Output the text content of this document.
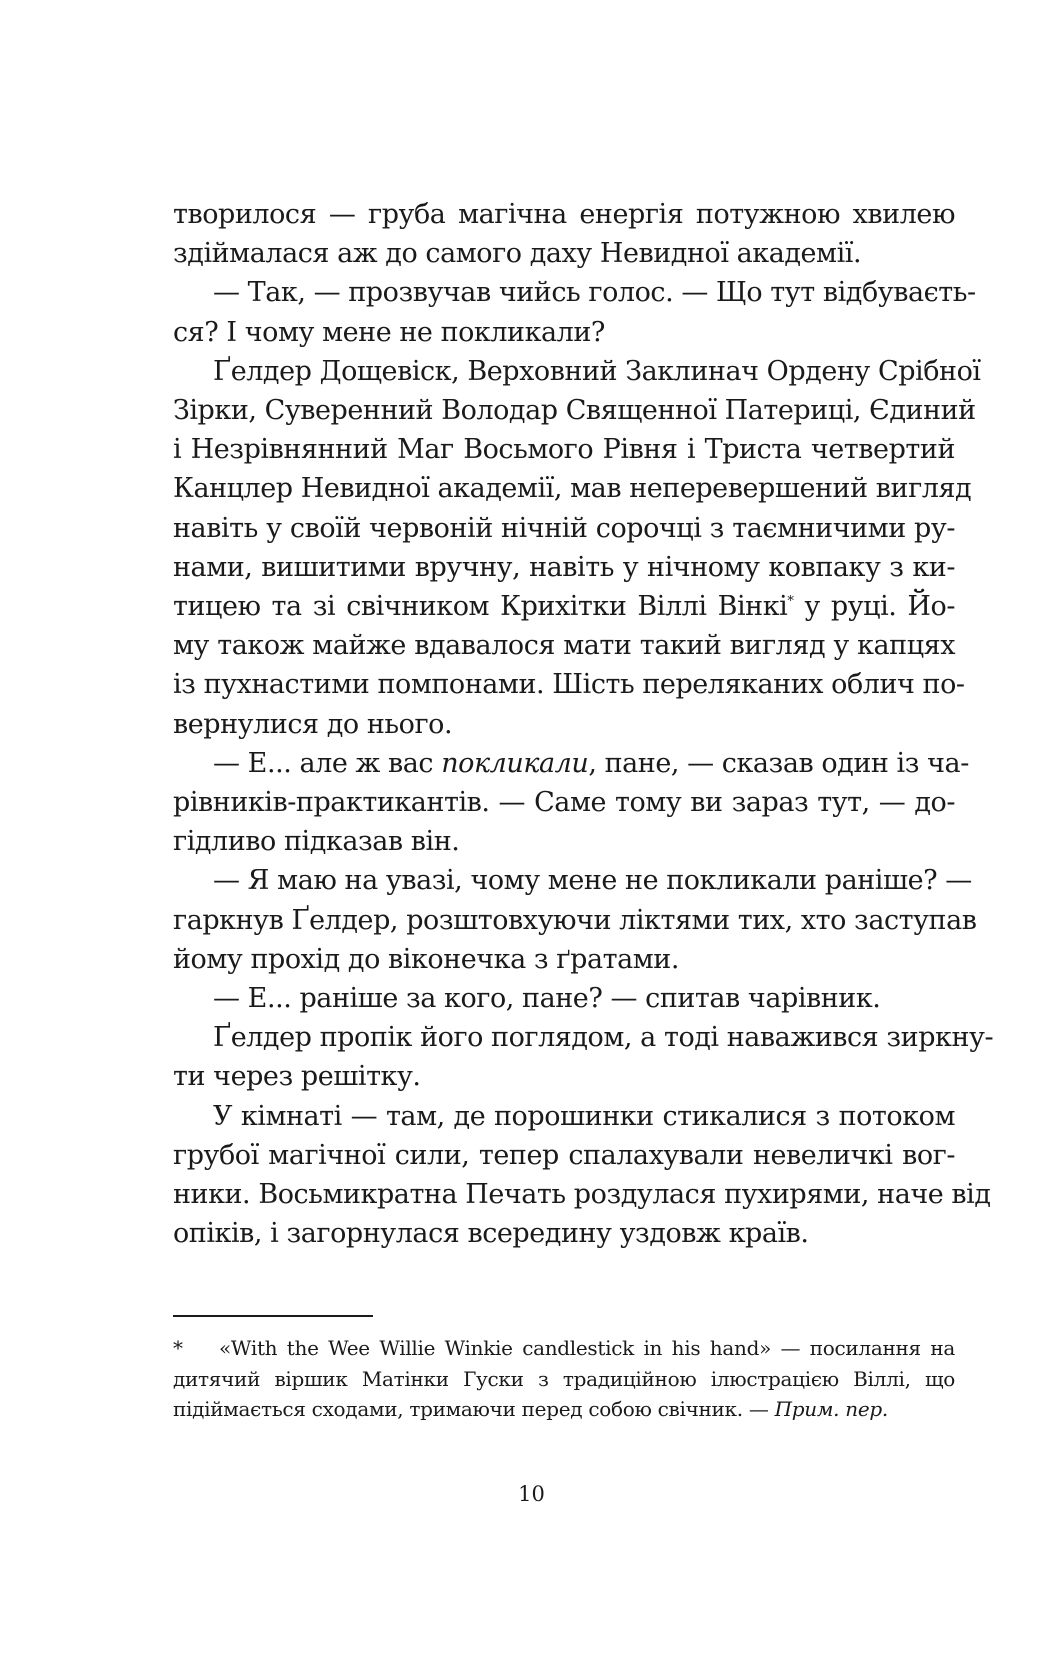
творилося — груба магічна енергія потужною хвилею
здіймалася аж до самого даху Невидної академії.

— Так, — прозвучав чийсь голос. — Що тут відбуваєть-
ся? І чому мене не покликали?

Ґелдер Дощевіск, Верховний Заклинач Ордену Срібної
Зірки, Суверенний Володар Священної Патериці, Єдиний
і Незрівнянний Маг Восьмого Рівня і Триста четвертий
Канцлер Невидної академії, мав неперевершений вигляд
навіть у своїй червоній нічній сорочці з таємничими ру-
нами, вишитими вручну, навіть у нічному ковпаку з ки-
тицею та зі свічником Крихітки Віллі Вінкі* у руці. Йо-
му також майже вдавалося мати такий вигляд у капцях
із пухнастими помпонами. Шість переляканих облич по-
вернулися до нього.

— Е... але ж вас покликали, пане, — сказав один із ча-
рівників-практикантів. — Саме тому ви зараз тут, — до-
гідливо підказав він.

— Я маю на увазі, чому мене не покликали раніше? —
гаркнув Ґелдер, розштовхуючи ліктями тих, хто заступав
йому прохід до віконечка з ґратами.

— Е... раніше за кого, пане? — спитав чарівник.

Ґелдер пропік його поглядом, а тоді наважився зиркну-
ти через решітку.

У кімнаті — там, де порошинки стикалися з потоком
грубої магічної сили, тепер спалахували невеличкі вог-
ники. Восьмикратна Печать роздулася пухирями, наче від
опіків, і загорнулася всередину уздовж країв.

* «With the Wee Willie Winkie candlestick in his hand» — посилання на
дитячий віршик Матінки Гуски з традиційною ілюстрацією Віллі, що
підіймається сходами, тримаючи перед собою свічник. — Прим. пер.
10
